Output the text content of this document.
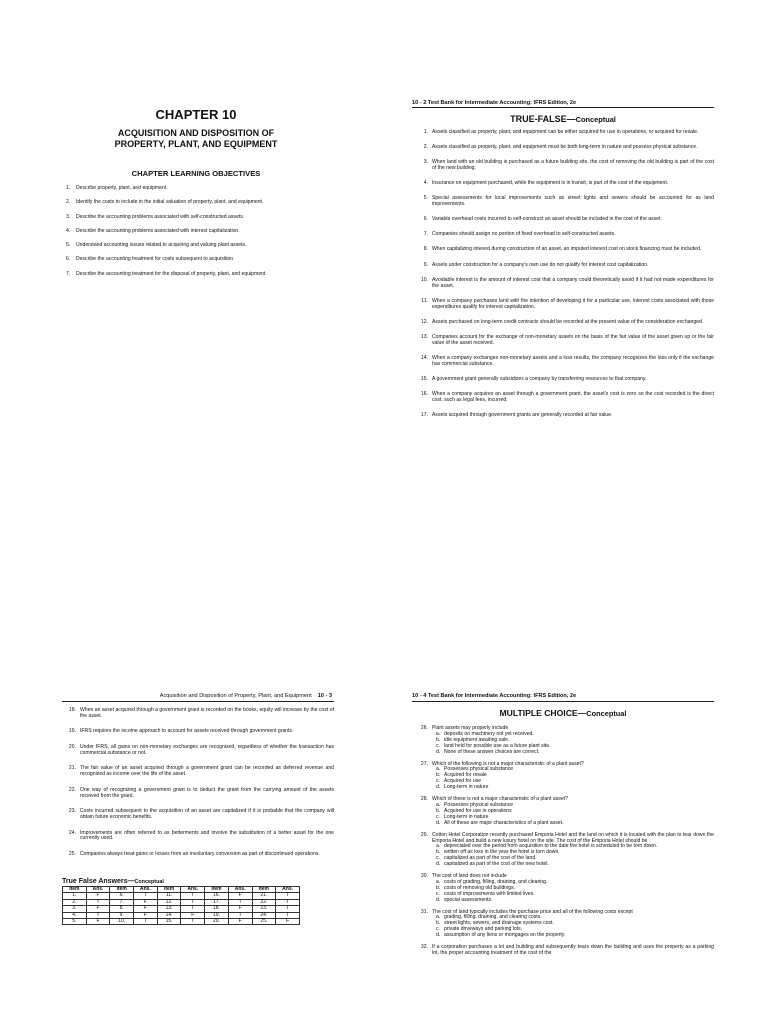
CHAPTER 10
ACQUISITION AND DISPOSITION OF
PROPERTY, PLANT, AND EQUIPMENT
CHAPTER LEARNING OBJECTIVES
1.	Describe property, plant, and equipment.
2.	Identify the costs to include in the initial valuation of property, plant, and equipment.
3.	Describe the accounting problems associated with self-constructed assets.
4.	Describe the accounting problems associated with interest capitalization.
5.	Understand accounting issues related to acquiring and valuing plant assets.
6.	Describe the accounting treatment for costs subsequent to acquisition.
7.	Describe the accounting treatment for the disposal of property, plant, and equipment.
10 - 2 Test Bank for Intermediate Accounting: IFRS Edition, 2e
TRUE-FALSE—Conceptual
1. Assets classified as property, plant, and equipment can be either acquired for use in operations, or acquired for resale.
2. Assets classified as property, plant, and equipment must be both long-term in nature and possess physical substance.
3. When land with an old building is purchased as a future building site, the cost of removing the old building is part of the cost of the new building.
4. Insurance on equipment purchased, while the equipment is in transit, is part of the cost of the equipment.
5. Special assessments for local improvements such as street lights and sewers should be accounted for as land improvements.
6. Variable overhead costs incurred to self-construct an asset should be included in the cost of the asset.
7. Companies should assign no portion of fixed overhead to self-constructed assets.
8. When capitalizing interest during construction of an asset, an imputed interest cost on stock financing must be included.
9. Assets under construction for a company's own use do not qualify for interest cost capitalization.
10. Avoidable interest is the amount of interest cost that a company could theoretically avoid if it had not made expenditures for the asset.
11. When a company purchases land with the intention of developing it for a particular use, interest costs associated with those expenditures qualify for interest capitalization.
12. Assets purchased on long-term credit contracts should be recorded at the present value of the consideration exchanged.
13. Companies account for the exchange of non-monetary assets on the basis of the fair value of the asset given up or the fair value of the asset received.
14. When a company exchanges non-monetary assets and a loss results, the company recognizes the loss only if the exchange has commercial substance.
15. A government grant generally subsidizes a company by transferring resources to that company.
16. When a company acquires an asset through a government grant, the asset's cost is zero so the cost recorded is the direct cost, such as legal fees, incurred.
17. Assets acquired through government grants are generally recorded at fair value.
Acquisition and Disposition of Property, Plant, and Equipment 10 - 3
18. When an asset acquired through a government grant is recorded on the books, equity will increase by the cost of the asset.
19. IFRS requires the income approach to account for assets received through government grants.
20. Under IFRS, all gains on non-monetary exchanges are recognized, regardless of whether the transaction has commercial substance or not.
21. The fair value of an asset acquired through a government grant can be recorded as deferred revenue and recognized as income over the life of the asset.
22. One way of recognizing a government grant is to deduct the grant from the carrying amount of the assets received from the grant.
23. Costs incurred subsequent to the acquisition of an asset are capitalized if it is probable that the company will obtain future economic benefits.
24. Improvements are often referred to as betterments and involve the substitution of a better asset for the one currently used.
25. Companies always treat gains or losses from an involuntary conversion as part of discontinued operations.
True False Answers—Conceptual
Item	Ans.	Item	Ans.	Item	Ans.	Item	Ans.	Item	Ans.
1.	F	6.	T	11.	T	16.	F	21.	T
2.	T	7.	F	12.	T	17.	T	22.	T
3.	F	8.	F	13.	T	18.	F	23.	T
4.	T	9.	F	14.	F	19.	T	24.	T
5.	F	10.	T	15.	T	20.	F	25.	F
10 - 4 Test Bank for Intermediate Accounting: IFRS Edition, 2e
MULTIPLE CHOICE—Conceptual
26. Plant assets may properly include
a. deposits on machinery not yet received.
b. idle equipment awaiting sale.
c. land held for possible use as a future plant site.
d. None of these answer choices are correct.
27. Which of the following is not a major characteristic of a plant asset?
a. Possesses physical substance
b. Acquired for resale
c. Acquired for use
d. Long-term in nature
28. Which of these is not a major characteristic of a plant asset?
a. Possesses physical substance
b. Acquired for use in operations
c. Long-term in nature
d. All of these are major characteristics of a plant asset.
29. Cotton Hotel Corporation recently purchased Emporia Hotel and the land on which it is located with the plan to tear down the Emporia Hotel and build a new luxury hotel on the site. The cost of the Emporia Hotel should be
a. depreciated over the period from acquisition to the date the hotel is scheduled to be torn down.
b. written off as loss in the year the hotel is torn down.
c. capitalized as part of the cost of the land.
d. capitalized as part of the cost of the new hotel.
30. The cost of land does not include
a. costs of grading, filling, draining, and clearing.
b. costs of removing old buildings.
c. costs of improvements with limited lives.
d. special assessments.
31. The cost of land typically includes the purchase price and all of the following costs except
a. grading, filling, draining, and clearing costs.
b. street lights, sewers, and drainage systems cost.
c. private driveways and parking lots.
d. assumption of any liens or mortgages on the property.
32. If a corporation purchases a lot and building and subsequently tears down the building and uses the property as a parking lot, the proper accounting treatment of the cost of the
